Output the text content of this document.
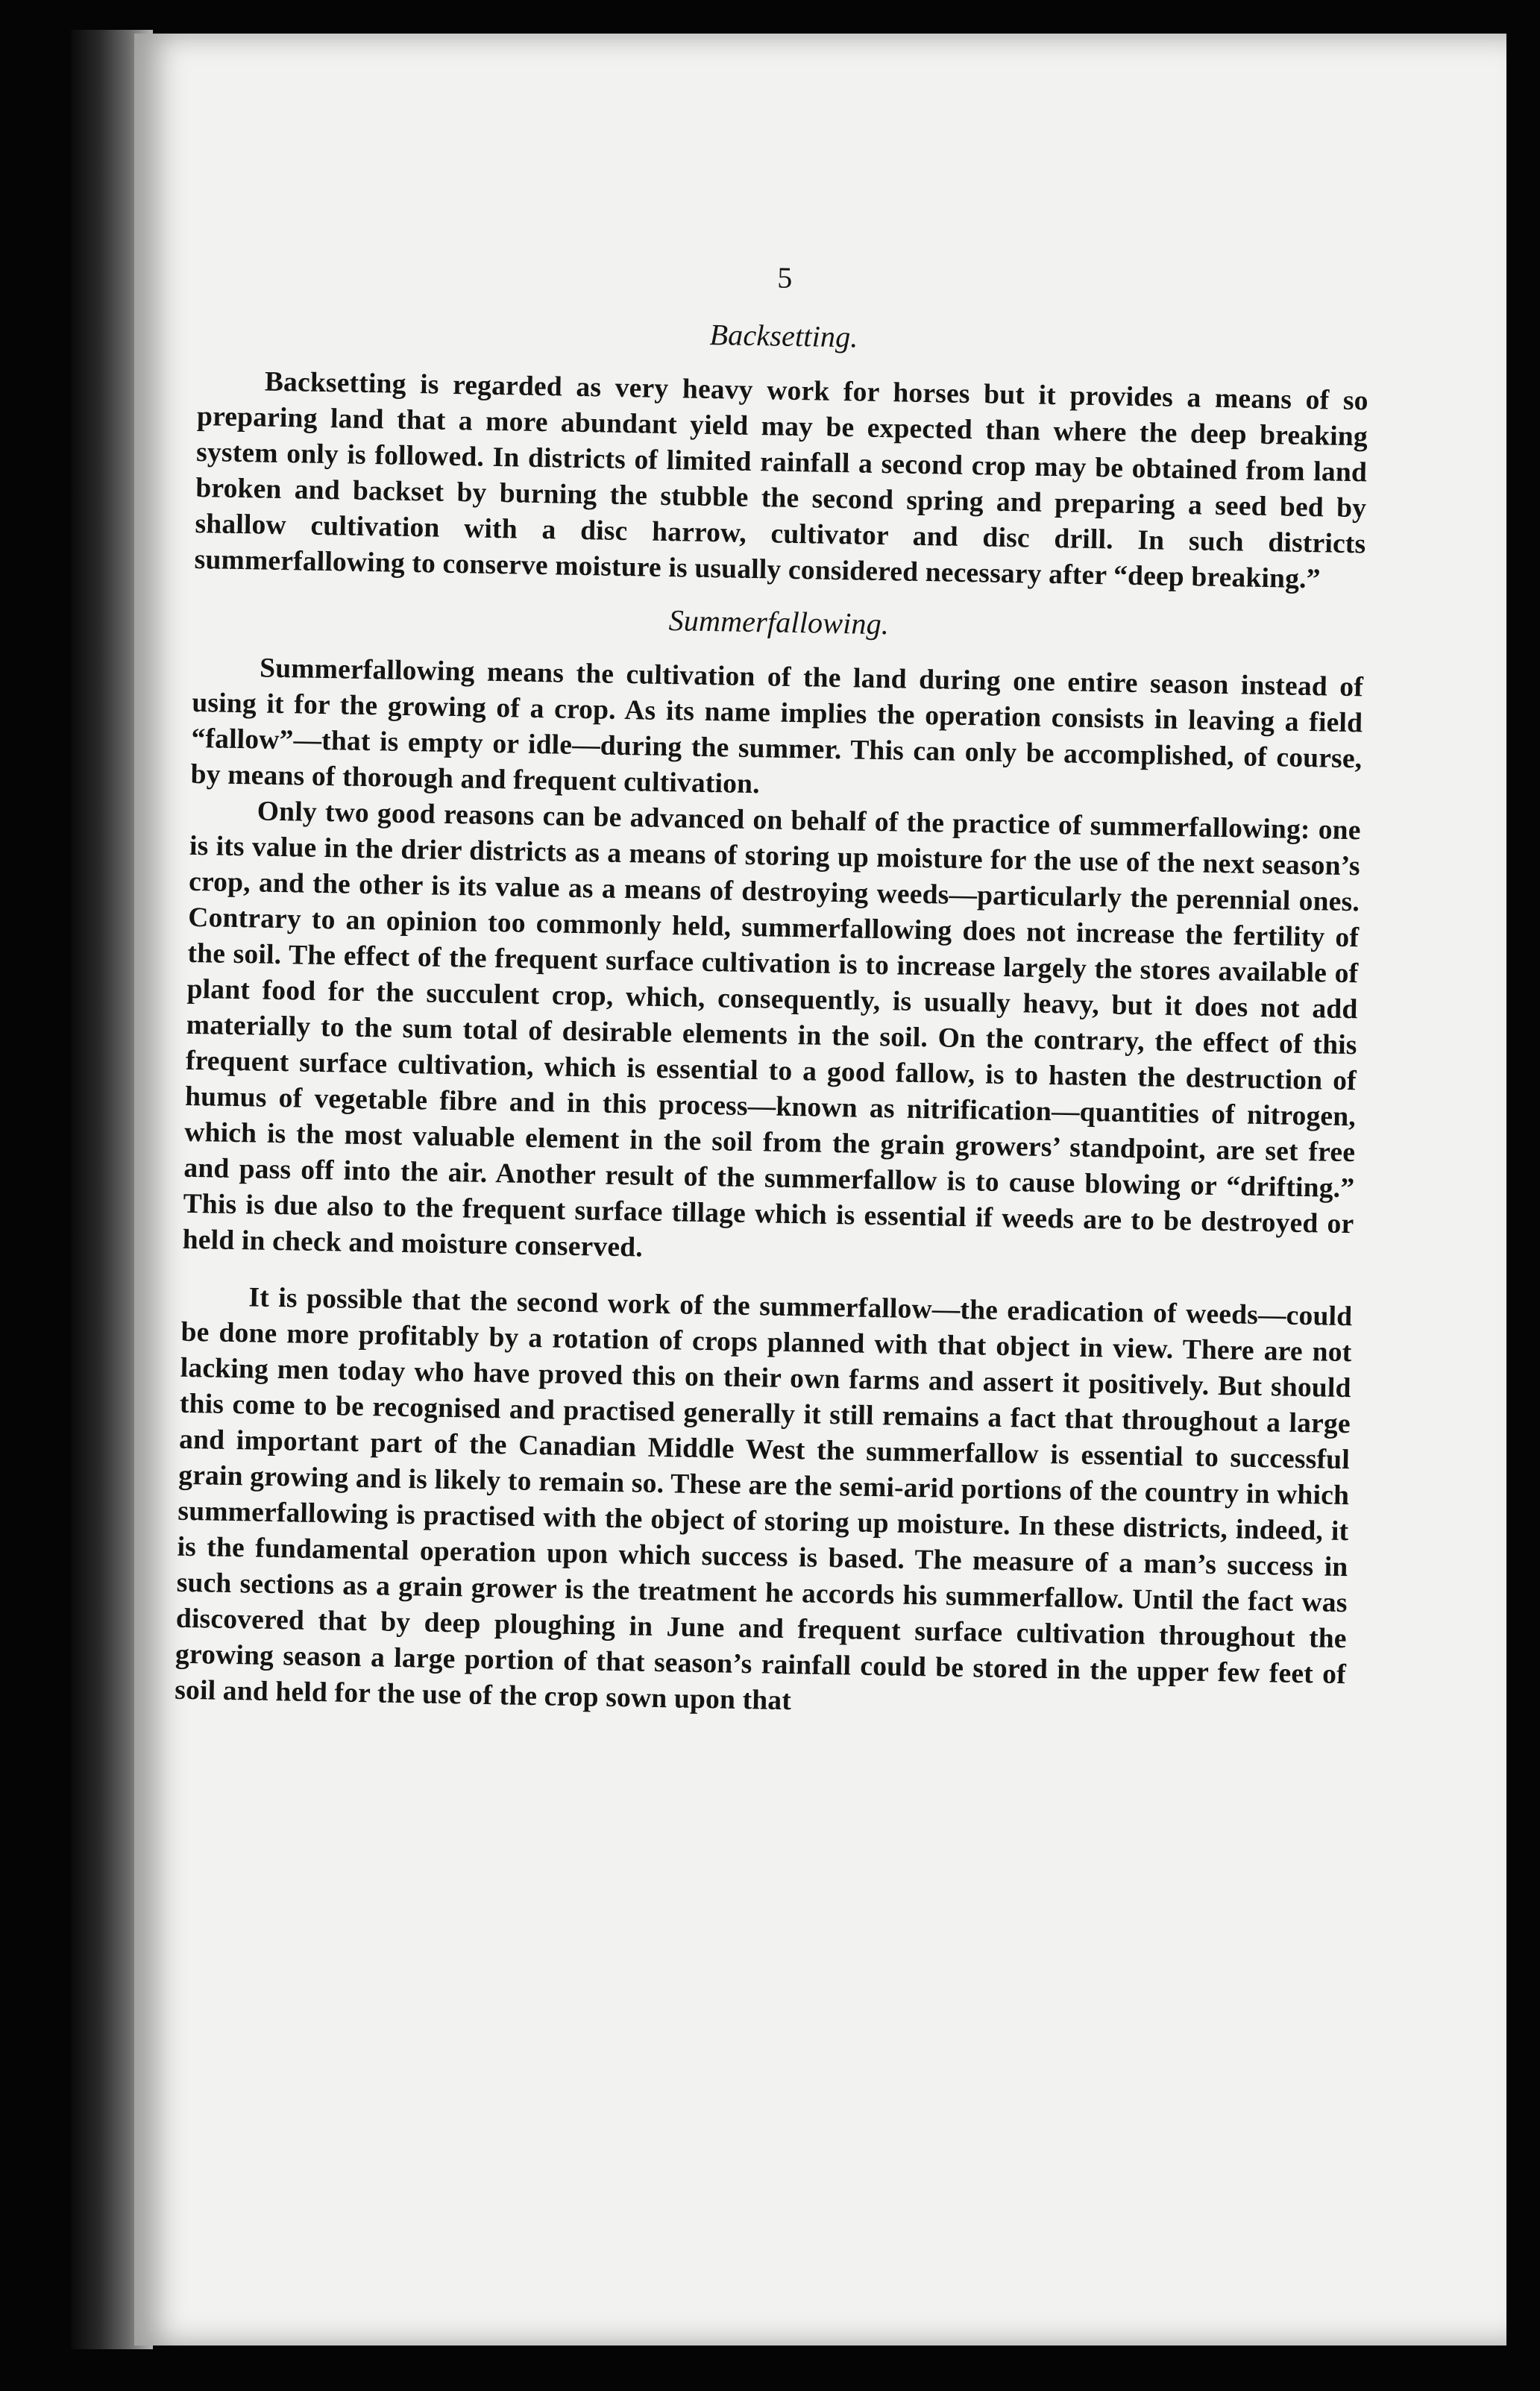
5
Backsetting.

Backsetting is regarded as very heavy work for horses but it provides a means of so preparing land that a more abundant yield may be expected than where the deep breaking system only is followed. In districts of limited rainfall a second crop may be obtained from land broken and backset by burning the stubble the second spring and preparing a seed bed by shallow cultivation with a disc harrow, cultivator and disc drill. In such districts summerfallowing to conserve moisture is usually considered necessary after “deep breaking.”

Summerfallowing.

Summerfallowing means the cultivation of the land during one entire season instead of using it for the growing of a crop. As its name implies the operation consists in leaving a field “fallow”—that is empty or idle—during the summer. This can only be accomplished, of course, by means of thorough and frequent cultivation.

Only two good reasons can be advanced on behalf of the practice of summerfallowing: one is its value in the drier districts as a means of storing up moisture for the use of the next season’s crop, and the other is its value as a means of destroying weeds—particularly the perennial ones. Contrary to an opinion too commonly held, summerfallowing does not increase the fertility of the soil. The effect of the frequent surface cultivation is to increase largely the stores available of plant food for the succulent crop, which, consequently, is usually heavy, but it does not add materially to the sum total of desirable elements in the soil. On the contrary, the effect of this frequent surface cultivation, which is essential to a good fallow, is to hasten the destruction of humus of vegetable fibre and in this process—known as nitrification—quantities of nitrogen, which is the most valuable element in the soil from the grain growers’ standpoint, are set free and pass off into the air. Another result of the summerfallow is to cause blowing or “drifting.” This is due also to the frequent surface tillage which is essential if weeds are to be destroyed or held in check and moisture conserved.

It is possible that the second work of the summerfallow—the eradication of weeds—could be done more profitably by a rotation of crops planned with that object in view. There are not lacking men today who have proved this on their own farms and assert it positively. But should this come to be recognised and practised generally it still remains a fact that throughout a large and important part of the Canadian Middle West the summerfallow is essential to successful grain growing and is likely to remain so. These are the semi-arid portions of the country in which summerfallowing is practised with the object of storing up moisture. In these districts, indeed, it is the fundamental operation upon which success is based. The measure of a man’s success in such sections as a grain grower is the treatment he accords his summerfallow. Until the fact was discovered that by deep ploughing in June and frequent surface cultivation throughout the growing season a large portion of that season’s rainfall could be stored in the upper few feet of soil and held for the use of the crop sown upon that
